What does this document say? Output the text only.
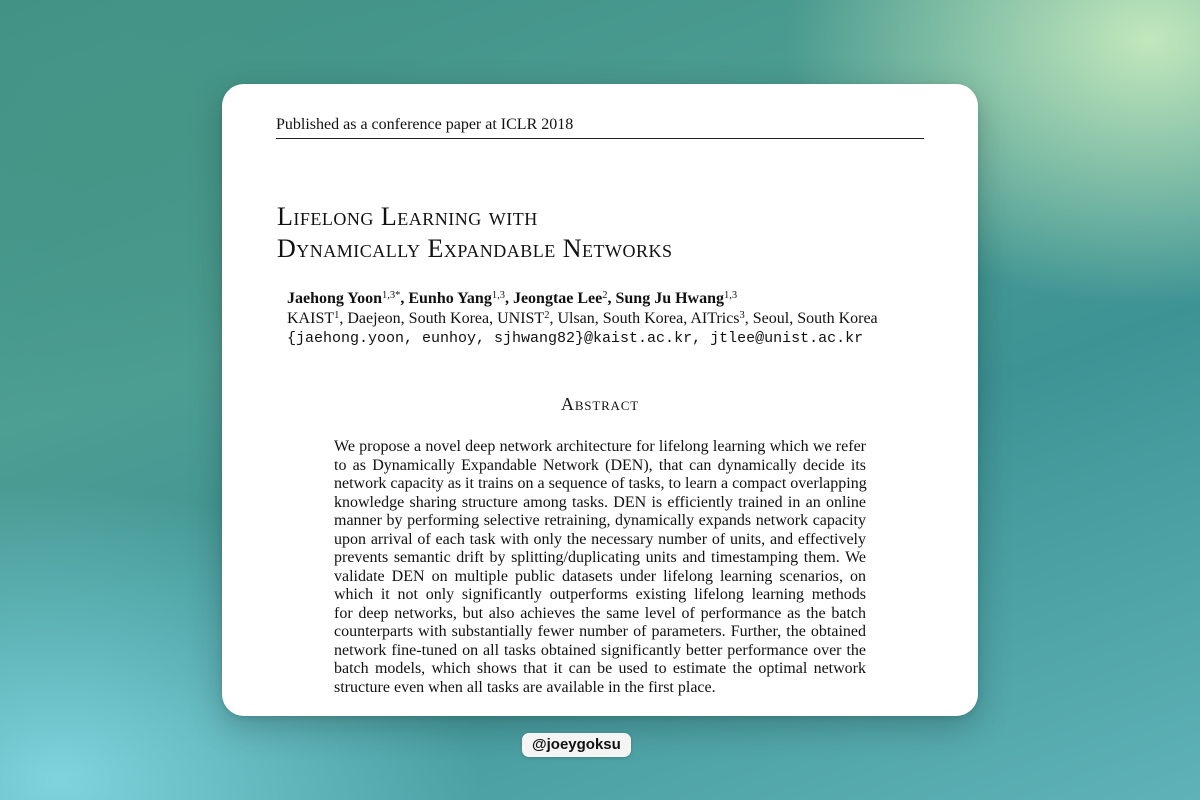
Published as a conference paper at ICLR 2018
Lifelong Learning with
Dynamically Expandable Networks
Jaehong Yoon$^{1,3*}$, Eunho Yang$^{1,3}$, Jeongtae Lee$^2$, Sung Ju Hwang$^{1,3}$
KAIST$^1$, Daejeon, South Korea, UNIST$^2$, Ulsan, South Korea, AITrics$^3$, Seoul, South Korea
{jaehong.yoon, eunhoy, sjhwang82}@kaist.ac.kr, jtlee@unist.ac.kr
Abstract
We propose a novel deep network architecture for lifelong learning which we refer
to as Dynamically Expandable Network (DEN), that can dynamically decide its
network capacity as it trains on a sequence of tasks, to learn a compact overlapping
knowledge sharing structure among tasks. DEN is efficiently trained in an online
manner by performing selective retraining, dynamically expands network capacity
upon arrival of each task with only the necessary number of units, and effectively
prevents semantic drift by splitting/duplicating units and timestamping them. We
validate DEN on multiple public datasets under lifelong learning scenarios, on
which it not only significantly outperforms existing lifelong learning methods
for deep networks, but also achieves the same level of performance as the batch
counterparts with substantially fewer number of parameters. Further, the obtained
network fine-tuned on all tasks obtained significantly better performance over the
batch models, which shows that it can be used to estimate the optimal network
structure even when all tasks are available in the first place.
@joeygoksu
